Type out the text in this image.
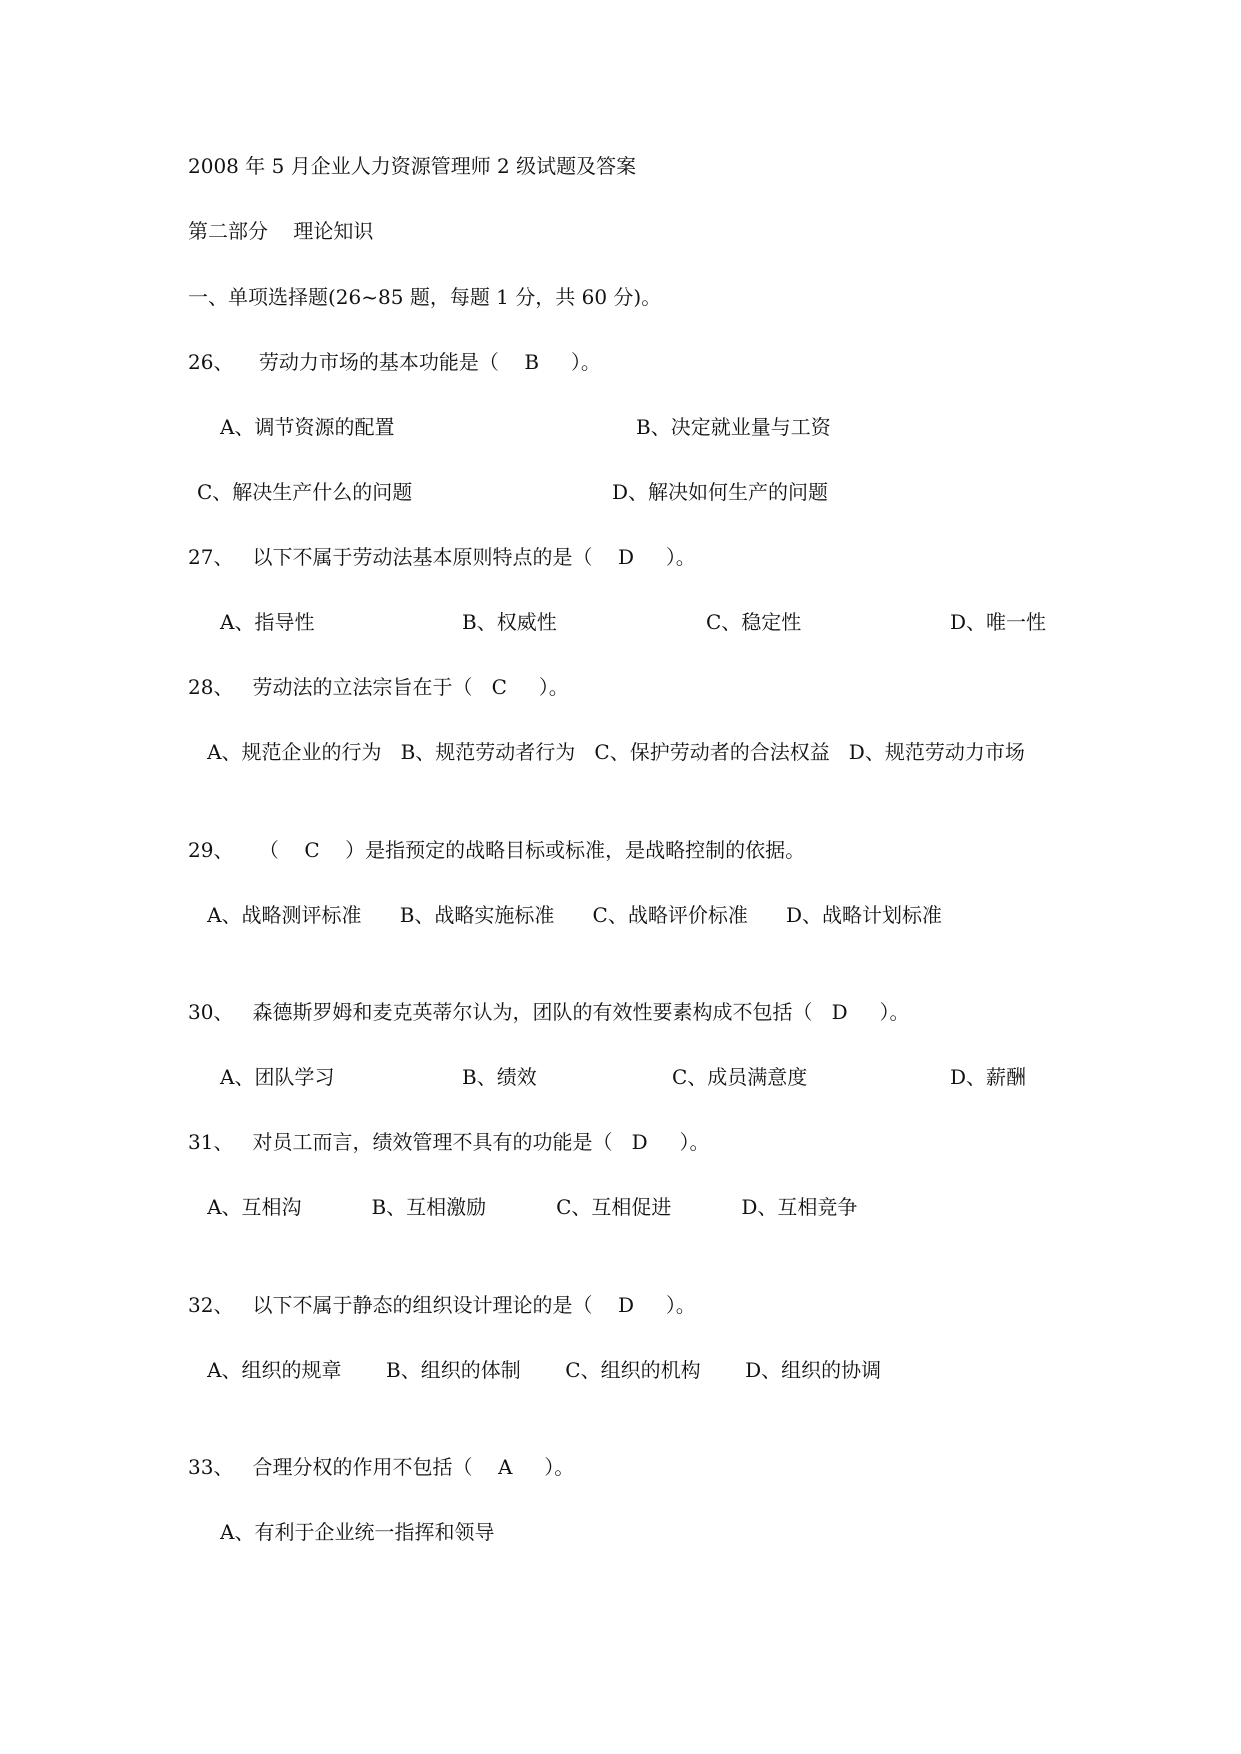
2008 年 5 月企业人力资源管理师 2 级试题及答案
第二部分    理论知识
一、单项选择题(26~85 题，每题 1 分，共 60 分)。
26、 劳动力市场的基本功能是（ B ）。
A、调节资源的配置	B、决定就业量与工资
C、解决生产什么的问题	D、解决如何生产的问题
27、 以下不属于劳动法基本原则特点的是（ D ）。
A、指导性	B、权威性	C、稳定性	D、唯一性
28、 劳动法的立法宗旨在于（ C ）。
A、规范企业的行为 B、规范劳动者行为 C、保护劳动者的合法权益 D、规范劳动力市场
29、 （ C ）是指预定的战略目标或标准，是战略控制的依据。
A、战略测评标准 B、战略实施标准 C、战略评价标准 D、战略计划标准
30、 森德斯罗姆和麦克英蒂尔认为，团队的有效性要素构成不包括（ D ）。
A、团队学习	B、绩效	C、成员满意度	D、薪酬
31、 对员工而言，绩效管理不具有的功能是（ D ）。
A、互相沟	B、互相激励	C、互相促进	D、互相竞争
32、 以下不属于静态的组织设计理论的是（ D ）。
A、组织的规章 B、组织的体制 C、组织的机构 D、组织的协调
33、 合理分权的作用不包括（ A ）。
A、有利于企业统一指挥和领导
